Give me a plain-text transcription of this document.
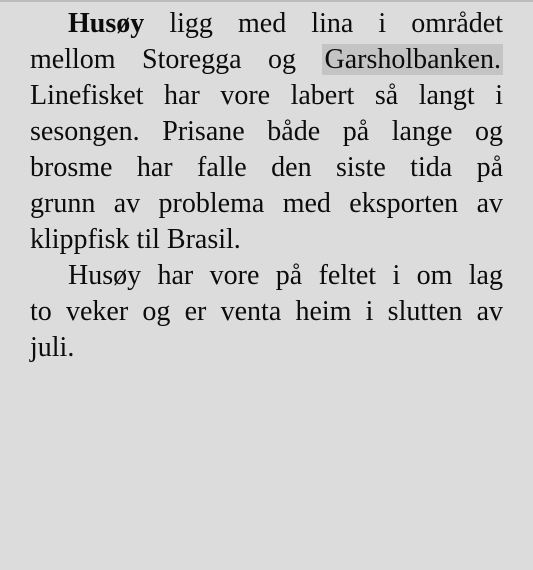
Husøy ligg med lina i området
mellom Storegga og Garsholbanken.
Linefisket har vore labert så langt i
sesongen. Prisane både på lange og
brosme har falle den siste tida på
grunn av problema med eksporten av
klippfisk til Brasil.

Husøy har vore på feltet i om lag
to veker og er venta heim i slutten av
juli.
